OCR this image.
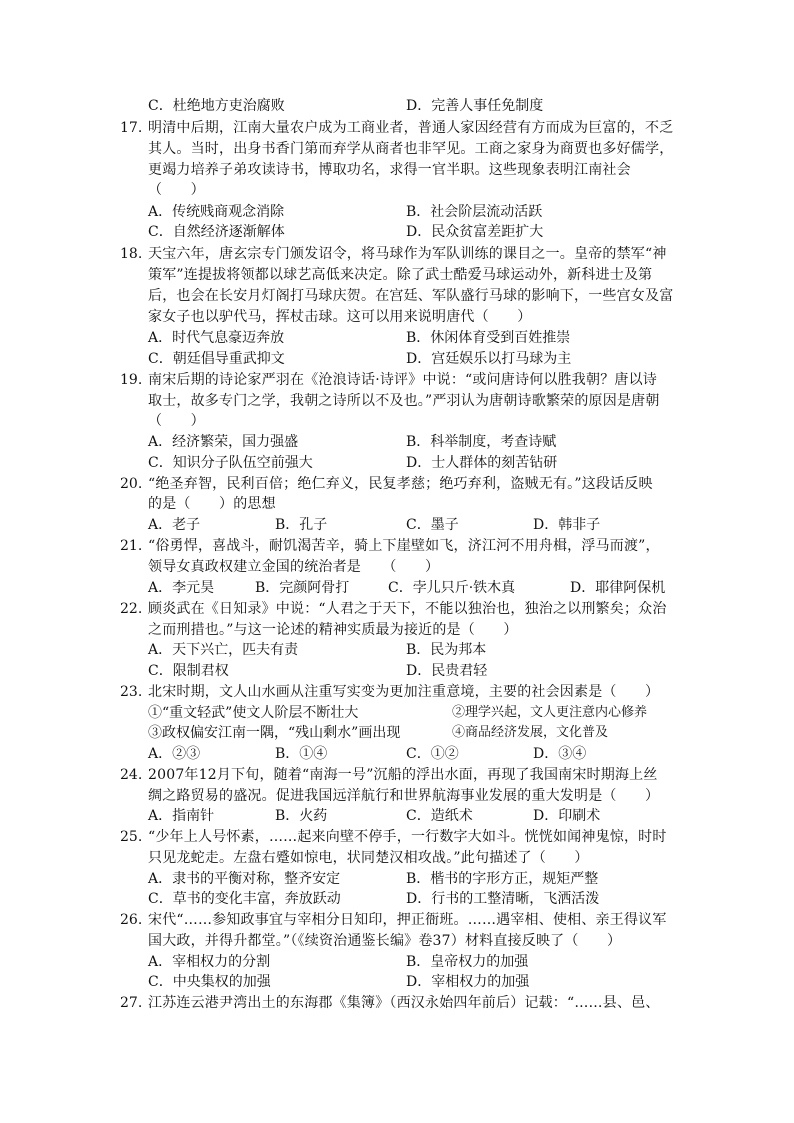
C．杜绝地方吏治腐败	D．完善人事任免制度
17. 明清中后期，江南大量农户成为工商业者，普通人家因经营有方而成为巨富的，不乏
其人。当时，出身书香门第而弃学从商者也非罕见。工商之家身为商贾也多好儒学，
更竭力培养子弟攻读诗书，博取功名，求得一官半职。这些现象表明江南社会
（　　）
A．传统贱商观念消除	B．社会阶层流动活跃
C．自然经济逐渐解体	D．民众贫富差距扩大
18. 天宝六年，唐玄宗专门颁发诏令，将马球作为军队训练的课目之一。皇帝的禁军“神
策军”连提拔将领都以球艺高低来决定。除了武士酷爱马球运动外，新科进士及第
后，也会在长安月灯阁打马球庆贺。在宫廷、军队盛行马球的影响下，一些宫女及富
家女子也以驴代马，挥杖击球。这可以用来说明唐代（　　）
A．时代气息豪迈奔放	B．休闲体育受到百姓推崇
C．朝廷倡导重武抑文	D．宫廷娱乐以打马球为主
19. 南宋后期的诗论家严羽在《沧浪诗话·诗评》中说：“或问唐诗何以胜我朝？唐以诗
取士，故多专门之学，我朝之诗所以不及也。”严羽认为唐朝诗歌繁荣的原因是唐朝
（　　）
A．经济繁荣，国力强盛	B．科举制度，考查诗赋
C．知识分子队伍空前强大	D．士人群体的刻苦钻研
20. “绝圣弃智，民利百倍；绝仁弃义，民复孝慈；绝巧弃利，盗贼无有。”这段话反映
的是（　　）的思想
A．老子	B．孔子	C．墨子	D．韩非子
21. “俗勇悍，喜战斗，耐饥渴苦辛，骑上下崖壁如飞，济江河不用舟楫，浮马而渡”，
领导女真政权建立金国的统治者是　　（　　）
A．李元昊	B．完颜阿骨打	C．孛儿只斤·铁木真	D．耶律阿保机
22. 顾炎武在《日知录》中说：“人君之于天下，不能以独治也，独治之以刑繁矣；众治
之而刑措也。”与这一论述的精神实质最为接近的是（　　）
A．天下兴亡，匹夫有责	B．民为邦本
C．限制君权	D．民贵君轻
23. 北宋时期，文人山水画从注重写实变为更加注重意境，主要的社会因素是（　　）
①“重文轻武”使文人阶层不断壮大	②理学兴起，文人更注意内心修养
③政权偏安江南一隅，“残山剩水”画出现	④商品经济发展，文化普及
A．②③	B．①④	C．①②	D．③④
24. 2007年12月下旬，随着“南海一号”沉船的浮出水面，再现了我国南宋时期海上丝
绸之路贸易的盛况。促进我国远洋航行和世界航海事业发展的重大发明是（　　）
A．指南针	B．火药	C．造纸术	D．印刷术
25. “少年上人号怀素，……起来向壁不停手，一行数字大如斗。恍恍如闻神鬼惊，时时
只见龙蛇走。左盘右蹙如惊电，状同楚汉相攻战。”此句描述了（　　）
A．隶书的平衡对称，整齐安定	B．楷书的字形方正，规矩严整
C．草书的变化丰富，奔放跃动	D．行书的工整清晰，飞洒活泼
26. 宋代“……参知政事宜与宰相分日知印，押正衙班。……遇宰相、使相、亲王得议军
国大政，并得升都堂。”（《续资治通鉴长编》卷37）材料直接反映了（　　）
A．宰相权力的分割	B．皇帝权力的加强
C．中央集权的加强	D．宰相权力的加强
27. 江苏连云港尹湾出土的东海郡《集簿》（西汉永始四年前后）记载：“……县、邑、
